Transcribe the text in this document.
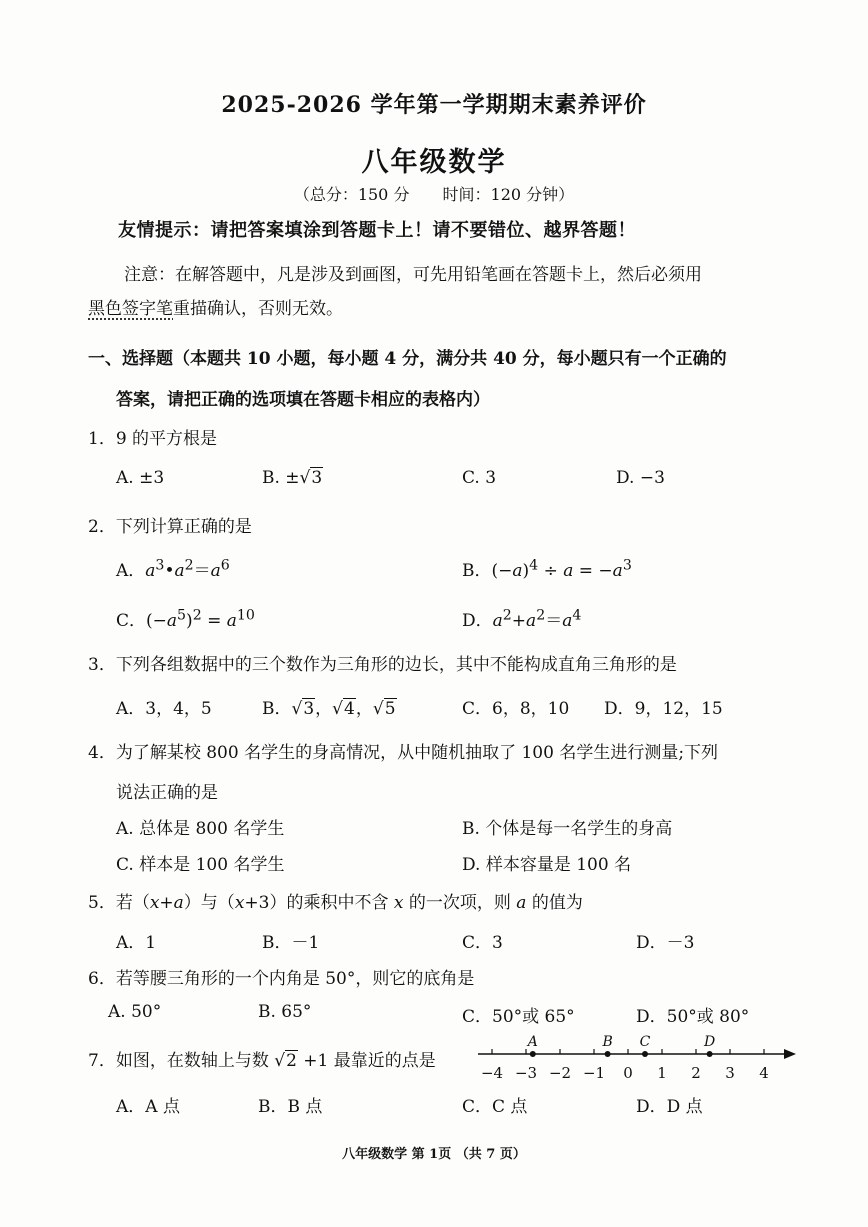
2025-2026 学年第一学期期末素养评价
八年级数学
（总分：150 分 时间：120 分钟）
友情提示：请把答案填涂到答题卡上！请不要错位、越界答题！
注意：在解答题中，凡是涉及到画图，可先用铅笔画在答题卡上，然后必须用
黑色签字笔重描确认，否则无效。
一、选择题（本题共 10 小题，每小题 4 分，满分共 40 分，每小题只有一个正确的
答案，请把正确的选项填在答题卡相应的表格内）
1．9 的平方根是
A. ±3	B. ±√3	C. 3	D. −3
2．下列计算正确的是
A．$a^3•a^2=a^6$	B．$(-a)^4 \div a = -a^3$
C．$(-a^5)^2 = a^{10}$	D．$a^2+a^2=a^4$
3．下列各组数据中的三个数作为三角形的边长，其中不能构成直角三角形的是
A．3，4，5	B．√3，√4，√5	C．6，8，10 D．9，12，15
4．为了解某校 800 名学生的身高情况，从中随机抽取了 100 名学生进行测量;下列
说法正确的是
A. 总体是 800 名学生	B. 个体是每一名学生的身高
C. 样本是 100 名学生	D. 样本容量是 100 名
5．若（x+a）与（x+3）的乘积中不含 x 的一次项，则 a 的值为
A．1	B．－1	C．3	D．－3
6．若等腰三角形的一个内角是 50°，则它的底角是
A. 50°	B. 65°	C．50°或 65°	D．50°或 80°
7．如图，在数轴上与数 √2 +1 最靠近的点是
−4 −3 −2 −1 0 1 2 3 4
A	B C	D
A．A 点	B．B 点	C．C 点	D．D 点
八年级数学 第 1页 （共 7 页）
